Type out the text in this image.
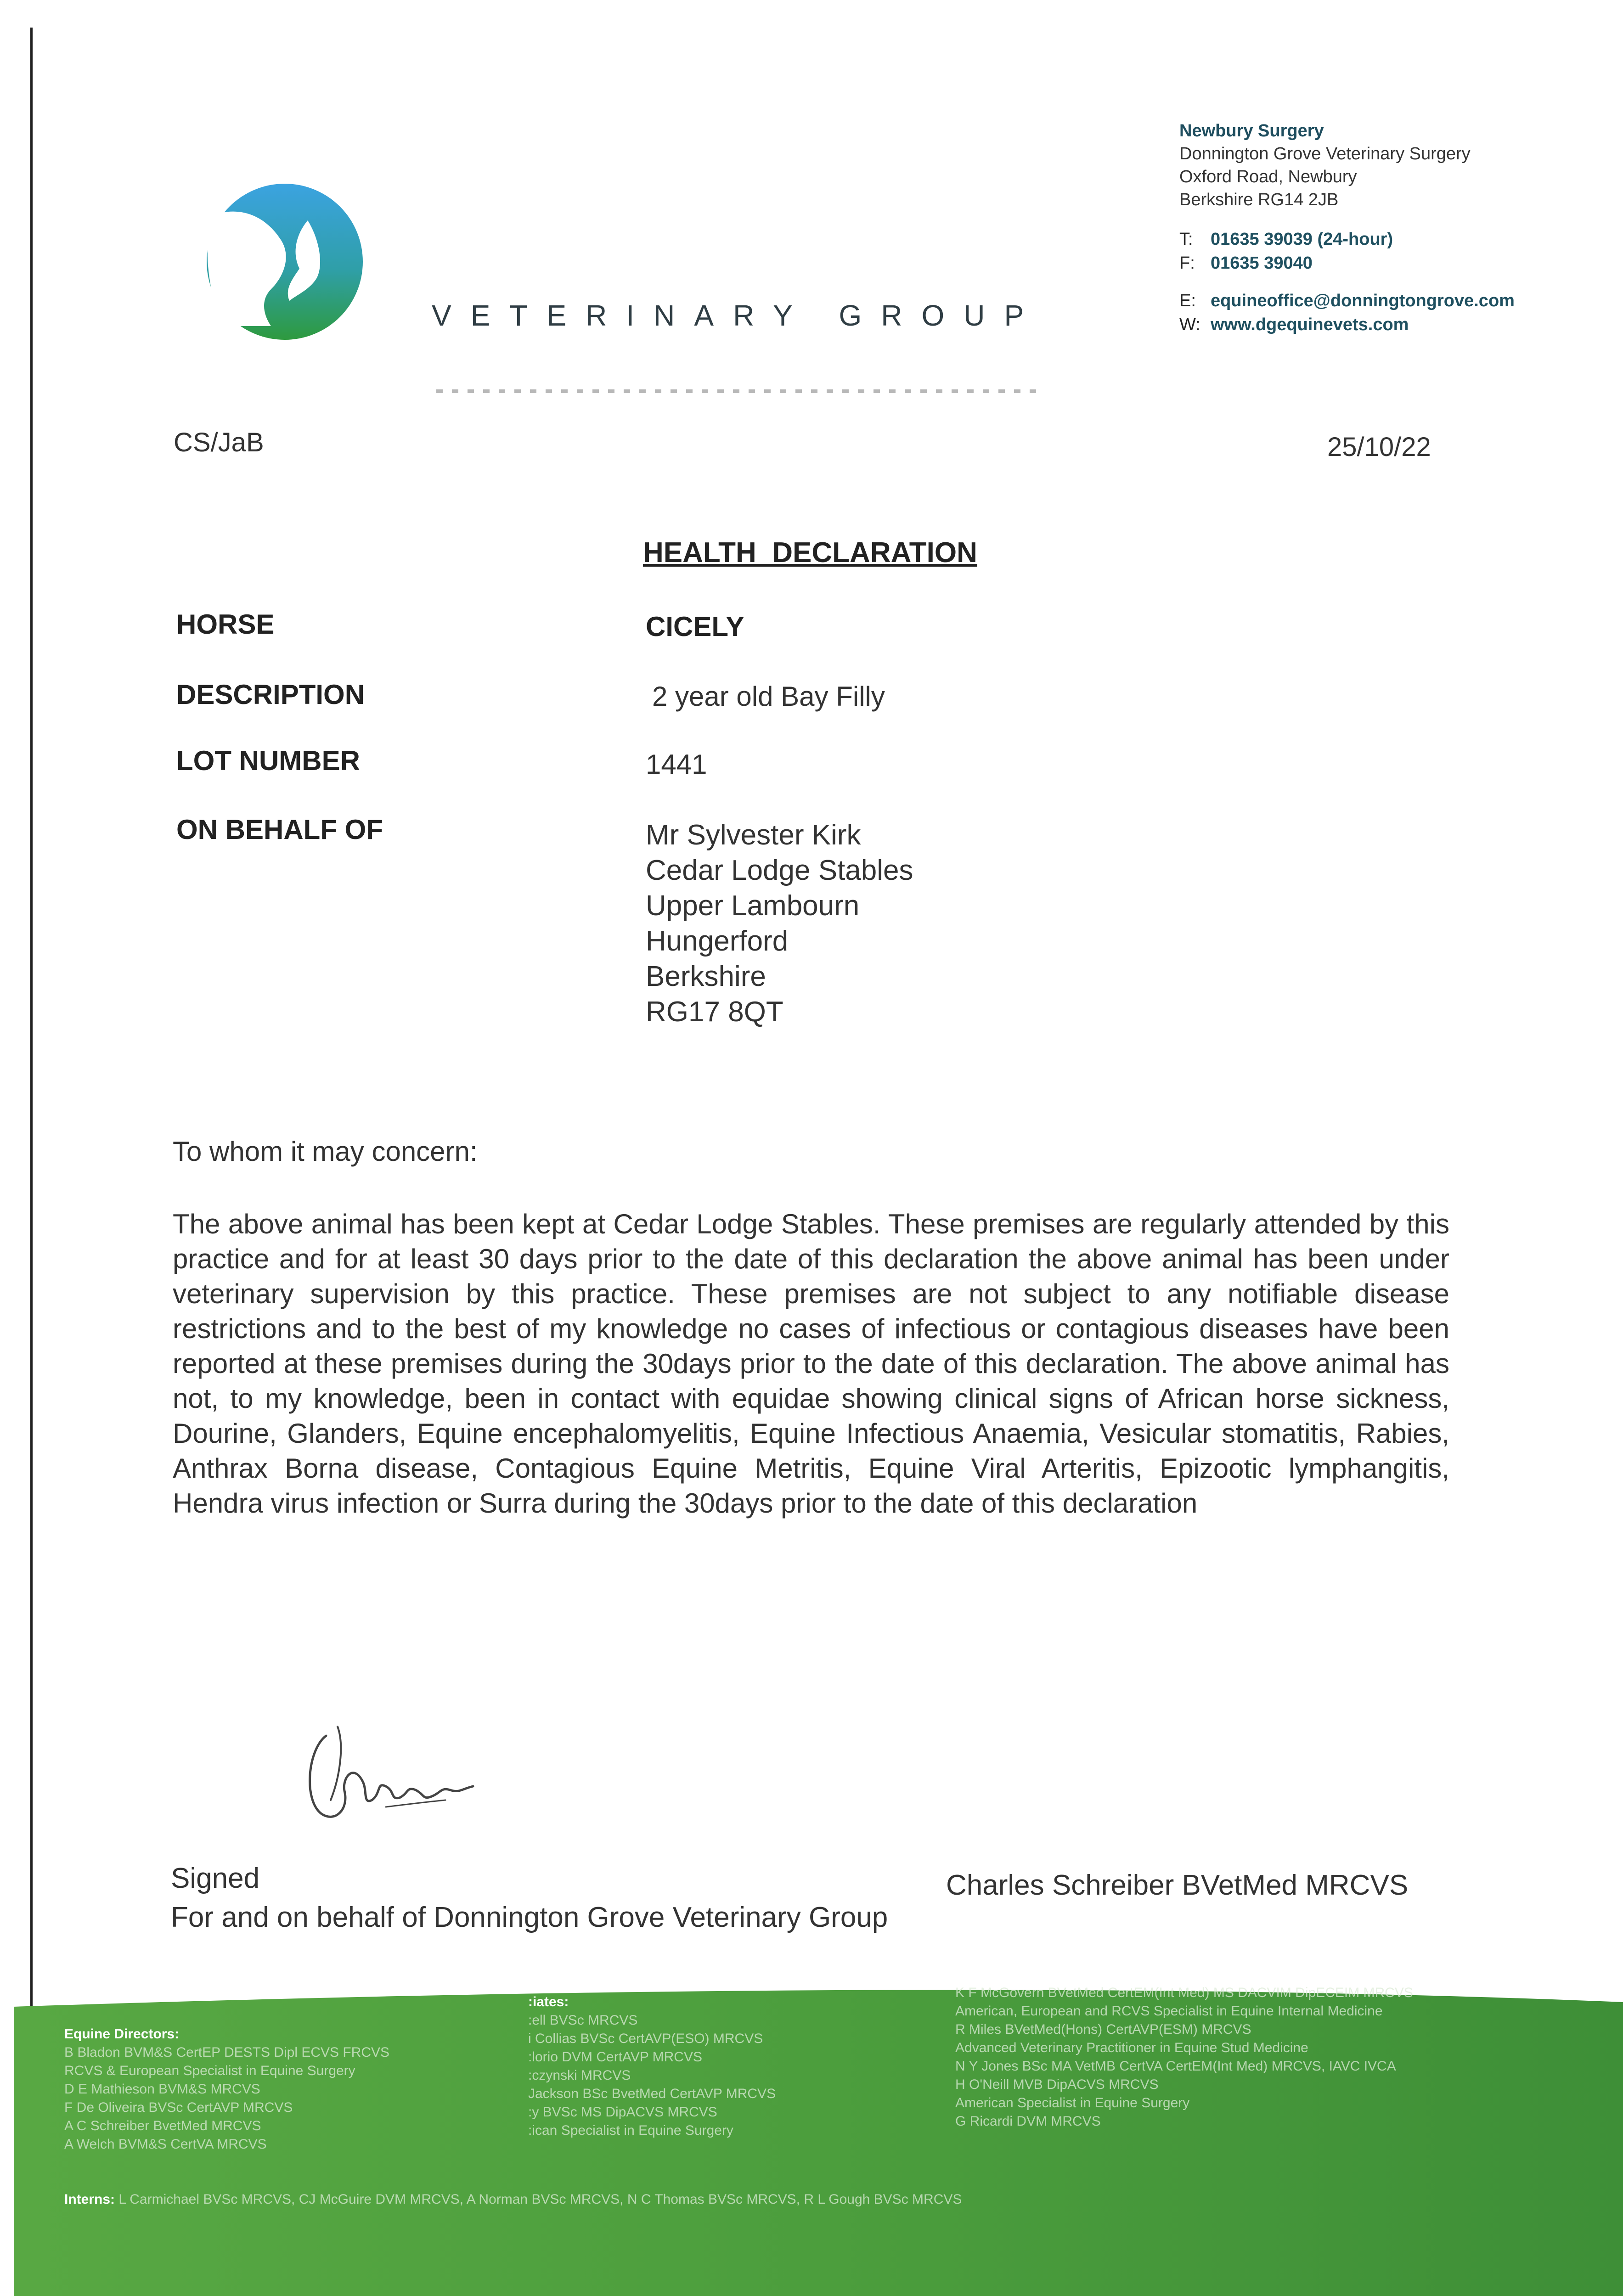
VETERINARY GROUP
Newbury Surgery
Donnington Grove Veterinary Surgery
Oxford Road, Newbury
Berkshire RG14 2JB
T: 01635 39039 (24-hour)
F: 01635 39040
E: equineoffice@donningtongrove.com
W: www.dgequinevets.com
CS/JaB	25/10/22
HEALTH  DECLARATION
HORSE	CICELY
DESCRIPTION	2 year old Bay Filly
LOT NUMBER	1441
ON BEHALF OF	Mr Sylvester Kirk
Cedar Lodge Stables
Upper Lambourn
Hungerford
Berkshire
RG17 8QT
To whom it may concern:
The above animal has been kept at Cedar Lodge Stables. These premises are regularly attended by this practice and for at least 30 days prior to the date of this declaration the above animal has been under veterinary supervision by this practice. These premises are not subject to any notifiable disease restrictions and to the best of my knowledge no cases of infectious or contagious diseases have been reported at these premises during the 30days prior to the date of this declaration. The above animal has not, to my knowledge, been in contact with equidae showing clinical signs of African horse sickness, Dourine, Glanders, Equine encephalomyelitis, Equine Infectious Anaemia, Vesicular stomatitis, Rabies, Anthrax Borna disease, Contagious Equine Metritis, Equine Viral Arteritis, Epizootic lymphangitis, Hendra virus infection or Surra during the 30days prior to the date of this declaration
Signed	Charles Schreiber BVetMed MRCVS
For and on behalf of Donnington Grove Veterinary Group
Equine Directors:
B Bladon BVM&S CertEP DESTS Dipl ECVS FRCVS
RCVS & European Specialist in Equine Surgery
D E Mathieson BVM&S MRCVS
F De Oliveira BVSc CertAVP MRCVS
A C Schreiber BvetMed MRCVS
A Welch BVM&S CertVA MRCVS
:iates:
:ell BVSc MRCVS
i Collias BVSc CertAVP(ESO) MRCVS
:lorio DVM CertAVP MRCVS
:czynski MRCVS
Jackson BSc BvetMed CertAVP MRCVS
:y BVSc MS DipACVS MRCVS
:ican Specialist in Equine Surgery
K F McGovern BVetMed CertEM(Int Med) MS DACVIM DipECEIM MRCVS
American, European and RCVS Specialist in Equine Internal Medicine
R Miles BVetMed(Hons) CertAVP(ESM) MRCVS
Advanced Veterinary Practitioner in Equine Stud Medicine
N Y Jones BSc MA VetMB CertVA CertEM(Int Med) MRCVS, IAVC IVCA
H O'Neill MVB DipACVS MRCVS
American Specialist in Equine Surgery
G Ricardi DVM MRCVS
Interns: L Carmichael BVSc MRCVS, CJ McGuire DVM MRCVS, A Norman BVSc MRCVS, N C Thomas BVSc MRCVS, R L Gough BVSc MRCVS
